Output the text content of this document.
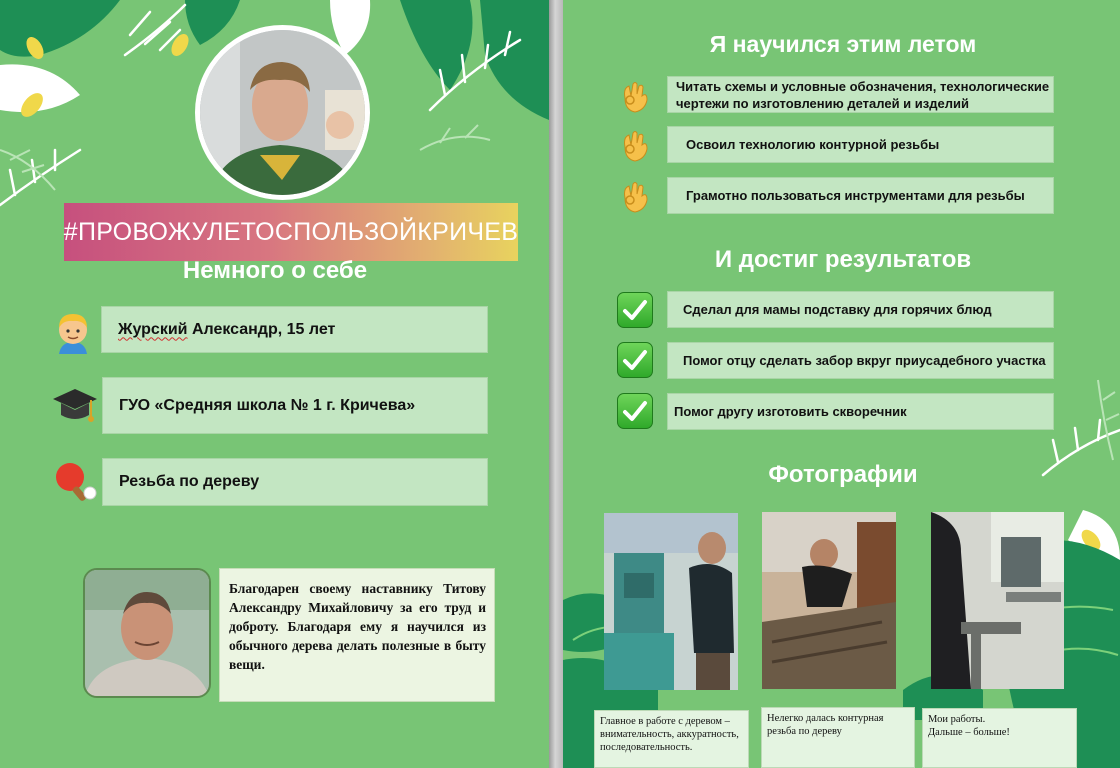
#ПРОВОЖУЛЕТОСПОЛЬЗОЙКРИЧЕВ
Немного о себе
Журский Александр, 15 лет
ГУО «Средняя школа № 1 г. Кричева»
Резьба по дереву
Благодарен своему наставнику Титову Александру Михайловичу за его труд и доброту. Благодаря ему я научился из обычного дерева делать полезные в быту вещи.
Я научился этим летом
Читать схемы и условные обозначения, технологические чертежи по изготовлению деталей и изделий
Освоил технологию контурной резьбы
Грамотно пользоваться инструментами для резьбы
И достиг результатов
Сделал для мамы подставку для горячих блюд
Помог отцу сделать забор вкруг приусадебного участка
Помог другу изготовить скворечник
Фотографии
Главное в работе с деревом – внимательность, аккуратность, последовательность.
Нелегко далась контурная резьба по дереву
Мои работы.
Дальше – больше!
